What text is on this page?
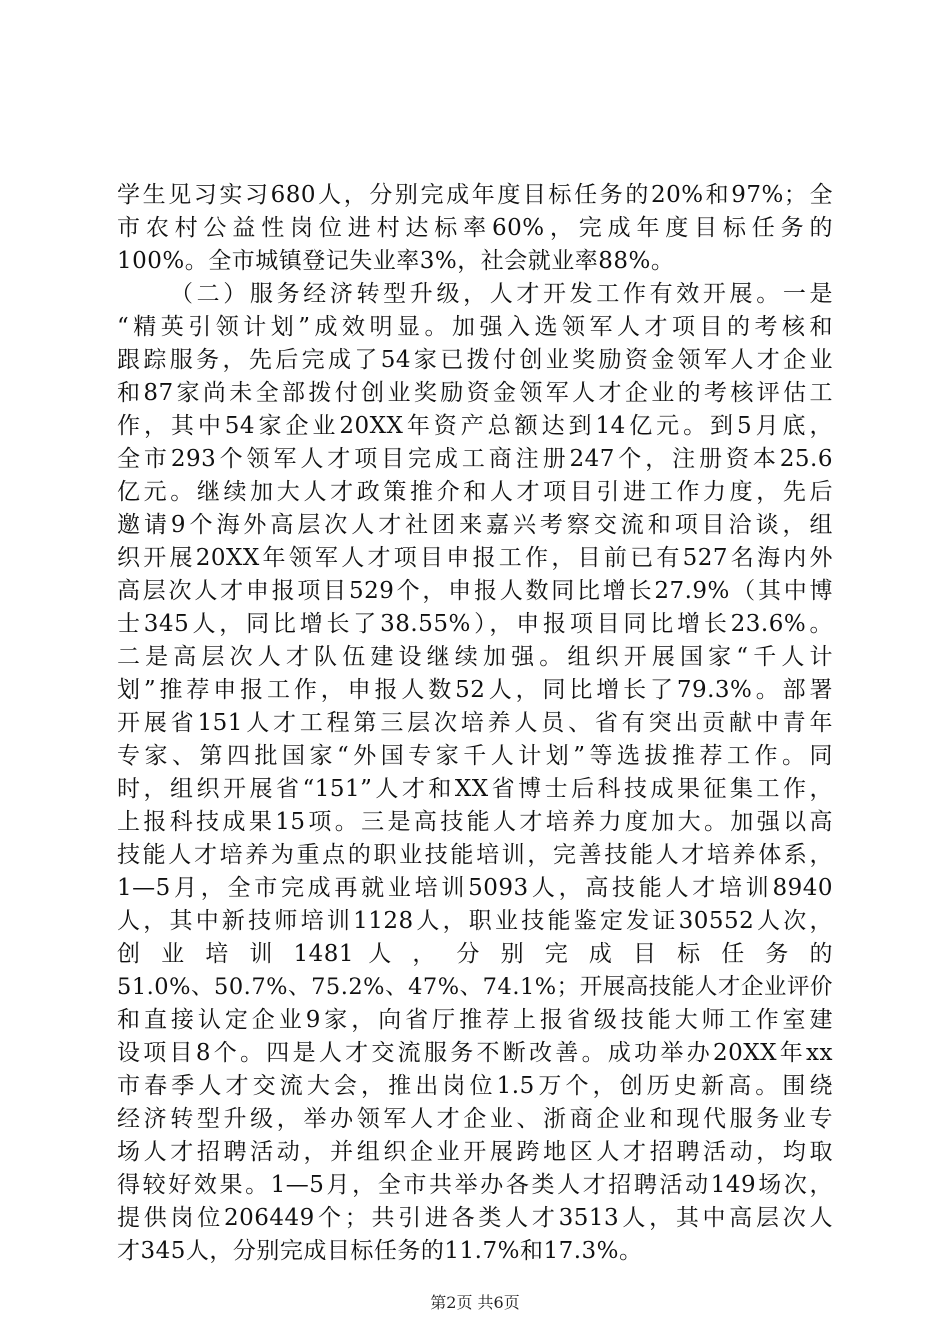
学生见习实习680人，分别完成年度目标任务的20%和97%；全
市农村公益性岗位进村达标率60%，完成年度目标任务的
100%。全市城镇登记失业率3%，社会就业率88%。
（二）服务经济转型升级，人才开发工作有效开展。一是
“精英引领计划”成效明显。加强入选领军人才项目的考核和
跟踪服务，先后完成了54家已拨付创业奖励资金领军人才企业
和87家尚未全部拨付创业奖励资金领军人才企业的考核评估工
作，其中54家企业20XX年资产总额达到14亿元。到5月底，
全市293个领军人才项目完成工商注册247个，注册资本25.6
亿元。继续加大人才政策推介和人才项目引进工作力度，先后
邀请9个海外高层次人才社团来嘉兴考察交流和项目洽谈，组
织开展20XX年领军人才项目申报工作，目前已有527名海内外
高层次人才申报项目529个，申报人数同比增长27.9%（其中博
士345人，同比增长了38.55%），申报项目同比增长23.6%。
二是高层次人才队伍建设继续加强。组织开展国家“千人计
划”推荐申报工作，申报人数52人，同比增长了79.3%。部署
开展省151人才工程第三层次培养人员、省有突出贡献中青年
专家、第四批国家“外国专家千人计划”等选拔推荐工作。同
时，组织开展省“151”人才和XX省博士后科技成果征集工作，
上报科技成果15项。三是高技能人才培养力度加大。加强以高
技能人才培养为重点的职业技能培训，完善技能人才培养体系，
1—5月，全市完成再就业培训5093人，高技能人才培训8940
人，其中新技师培训1128人，职业技能鉴定发证30552人次，
创 业 培 训 1481 人 ， 分 别 完 成 目 标 任 务 的
51.0%、50.7%、75.2%、47%、74.1%；开展高技能人才企业评价
和直接认定企业9家，向省厅推荐上报省级技能大师工作室建
设项目8个。四是人才交流服务不断改善。成功举办20XX年xx
市春季人才交流大会，推出岗位1.5万个，创历史新高。围绕
经济转型升级，举办领军人才企业、浙商企业和现代服务业专
场人才招聘活动，并组织企业开展跨地区人才招聘活动，均取
得较好效果。1—5月，全市共举办各类人才招聘活动149场次，
提供岗位206449个；共引进各类人才3513人，其中高层次人
第2页 共6页
才345人，分别完成目标任务的11.7%和17.3%。
